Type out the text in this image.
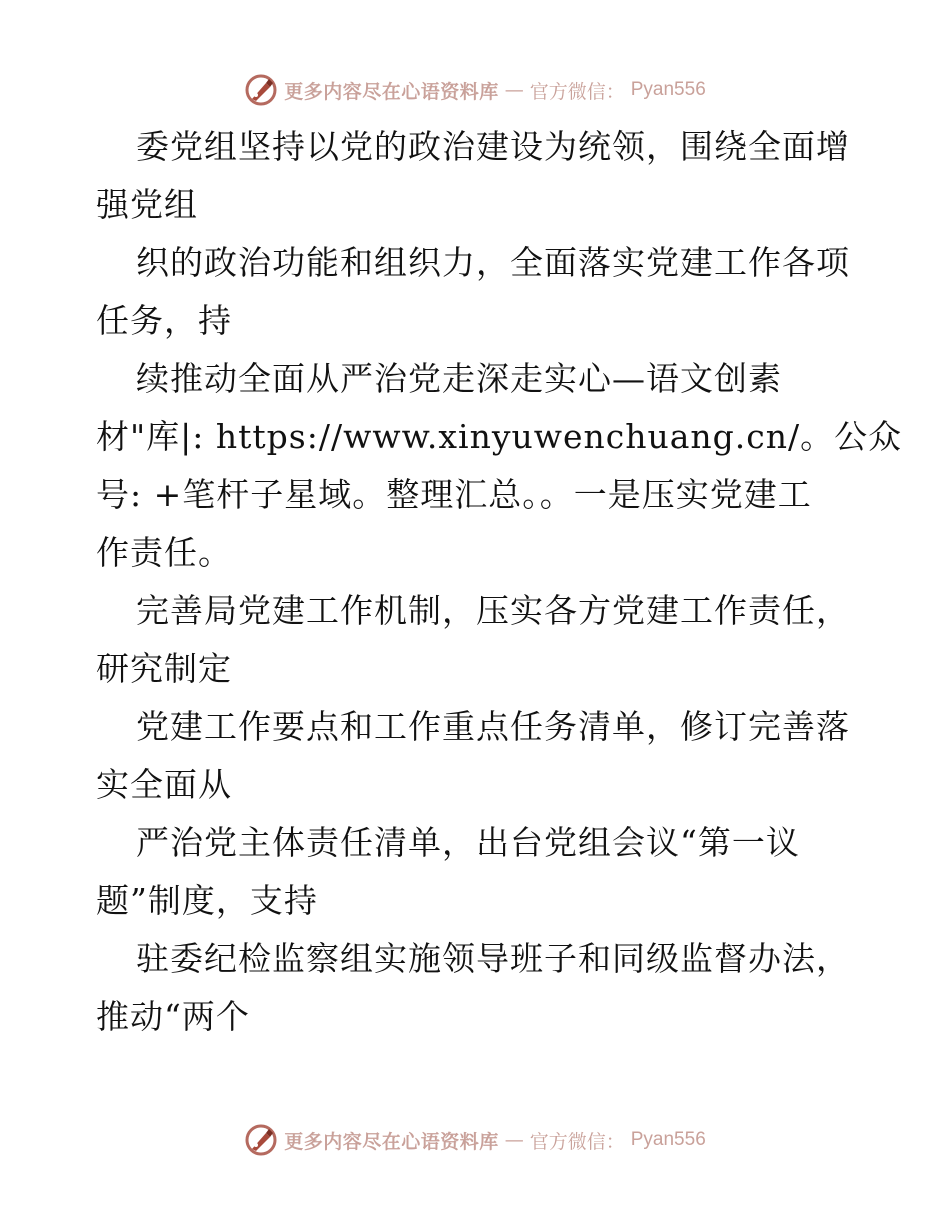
更多内容尽在心语资料库 — 官方微信： Pyan556
委党组坚持以党的政治建设为统领，围绕全面增
强党组
织的政治功能和组织力，全面落实党建工作各项
任务，持
续推动全面从严治党走深走实心—语文创素
材"库|: https://www.xinyuwenchuang.cn/。公众
号: +笔杆子星域。整理汇总。。一是压实党建工
作责任。
完善局党建工作机制，压实各方党建工作责任，
研究制定
党建工作要点和工作重点任务清单，修订完善落
实全面从
严治党主体责任清单，出台党组会议“第一议
题”制度，支持
驻委纪检监察组实施领导班子和同级监督办法，
推动“两个
更多内容尽在心语资料库 — 官方微信： Pyan556
